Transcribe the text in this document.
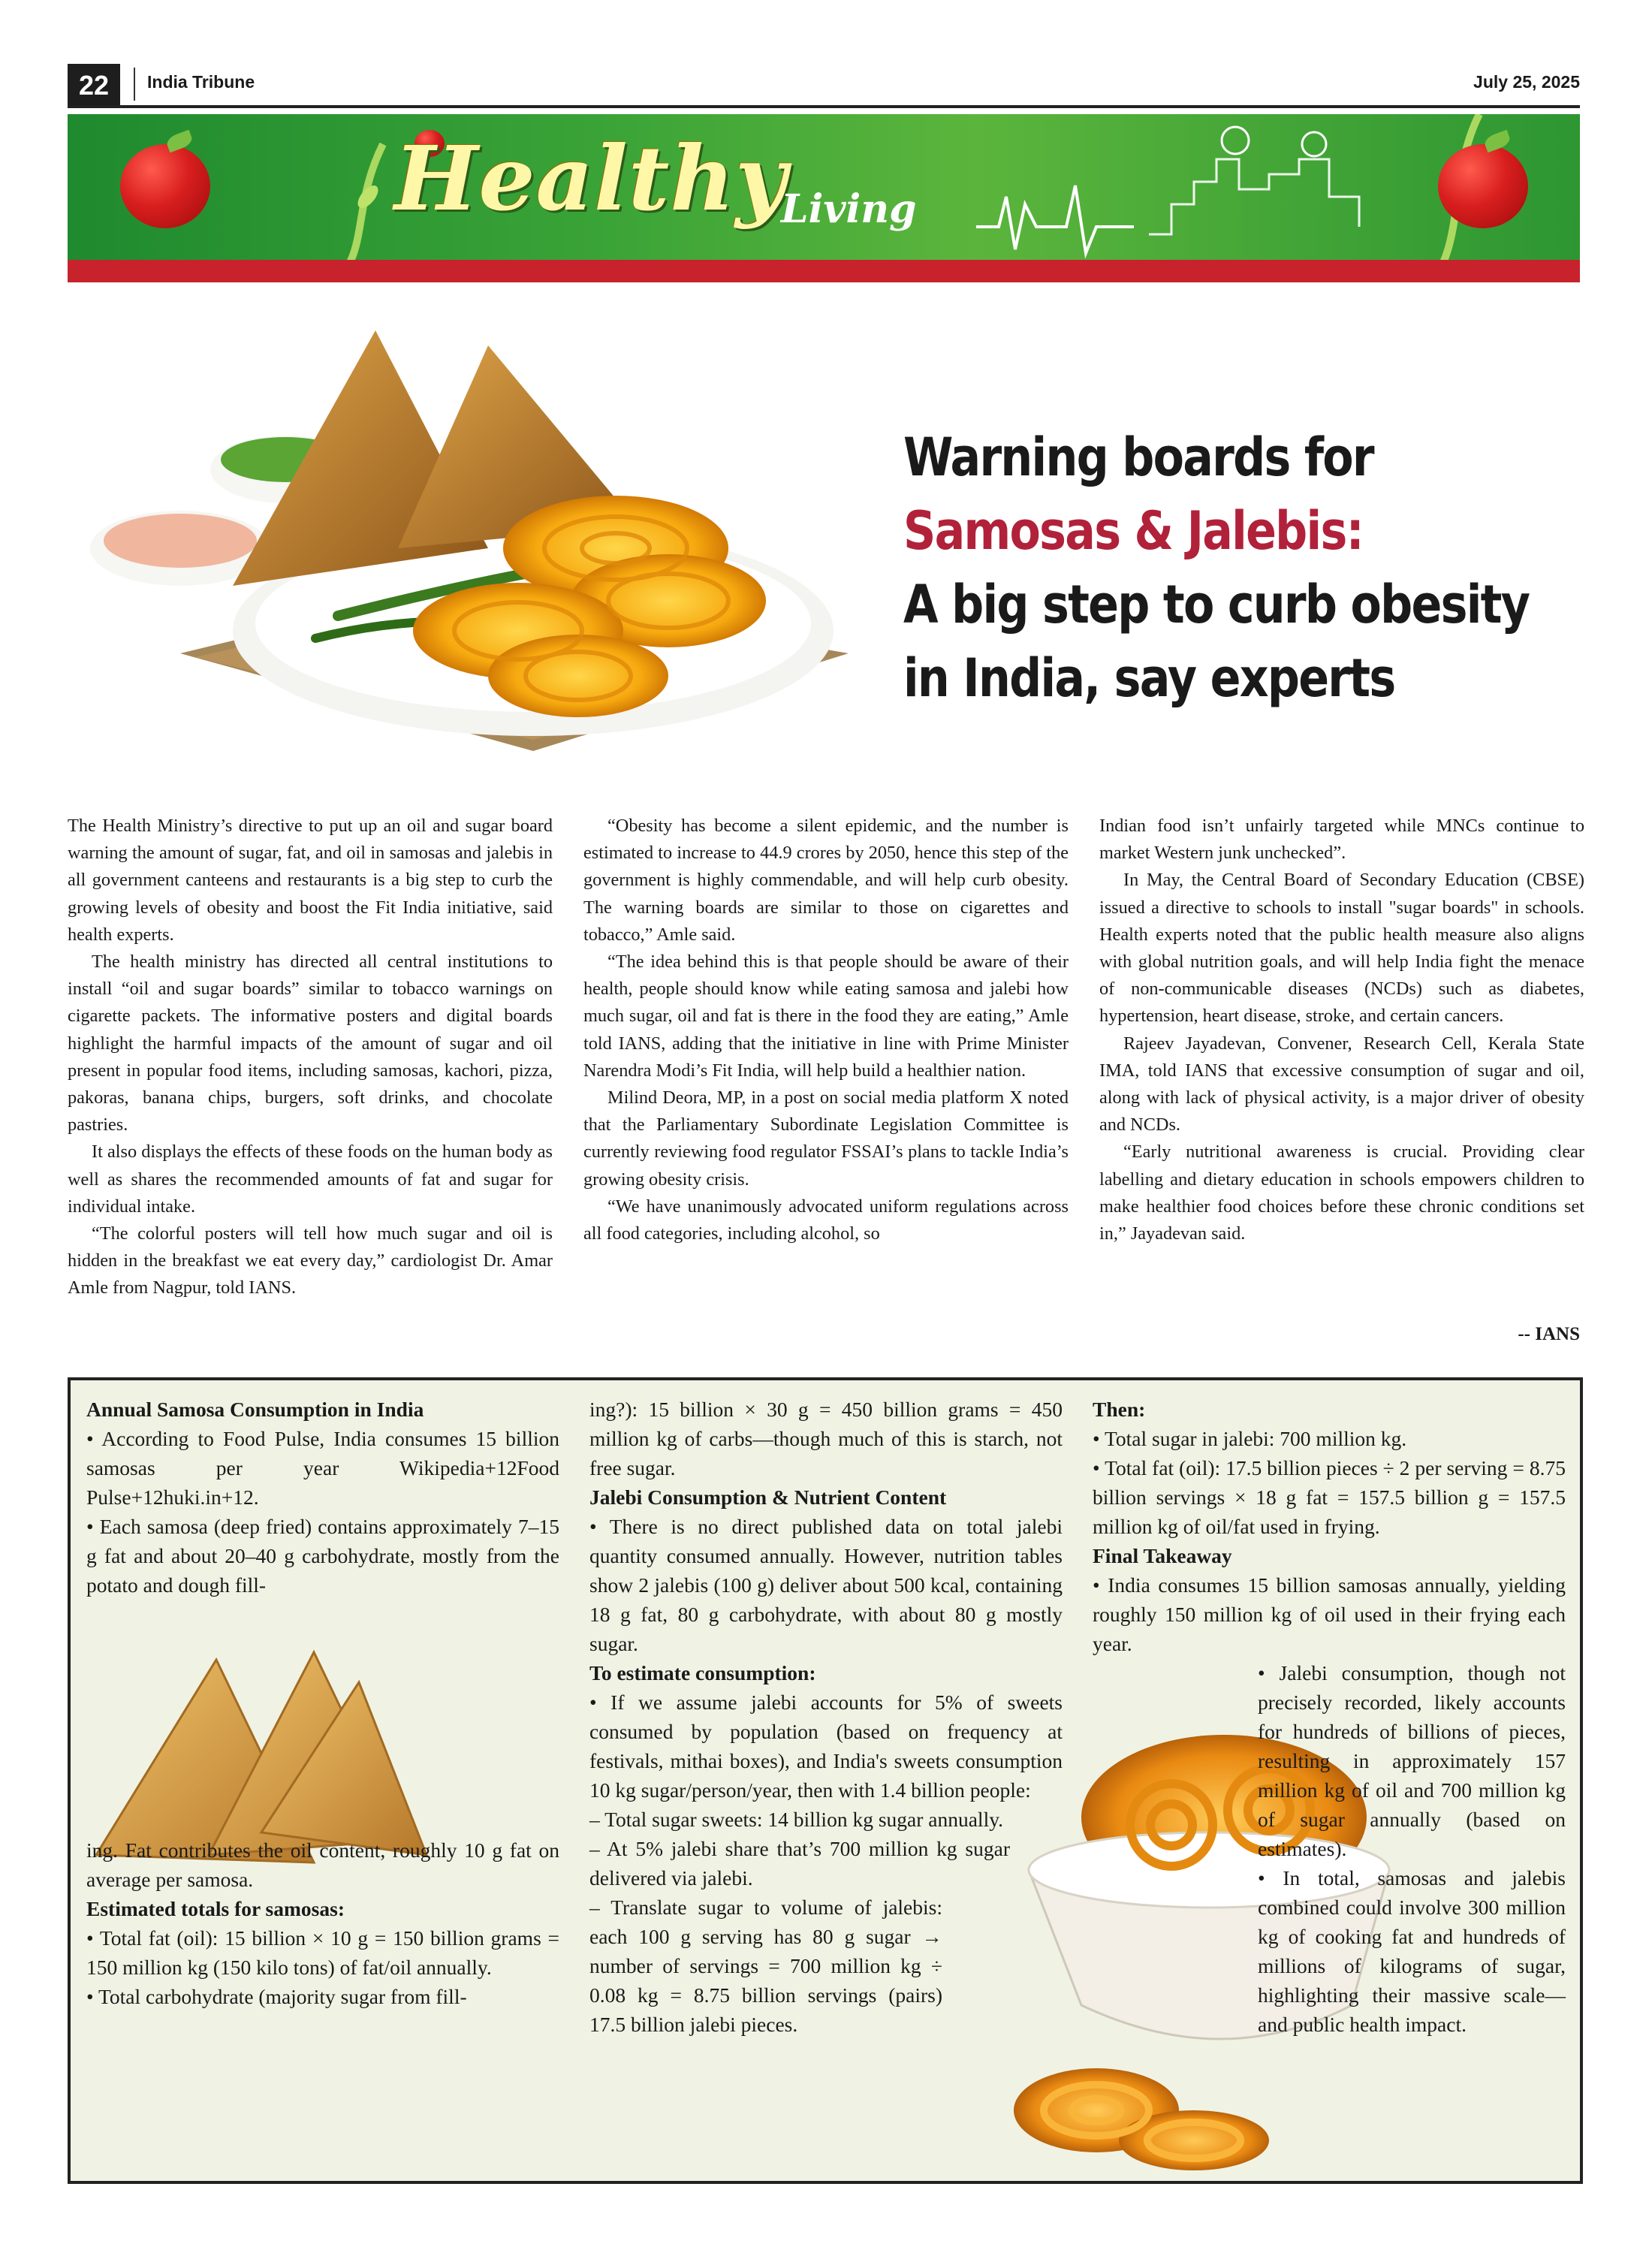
22	India Tribune	July 25, 2025
Healthy
Living
Warning boards for
Samosas & Jalebis:
A big step to curb obesity
in India, say experts

The Health Ministry’s directive to put up an oil and sugar board warning the amount of sugar, fat, and oil in samosas and jalebis in all government canteens and restaurants is a big step to curb the growing levels of obesity and boost the Fit India initiative, said health experts.

The health ministry has directed all central institutions to install “oil and sugar boards” similar to tobacco warnings on cigarette packets. The informative posters and digital boards highlight the harmful impacts of the amount of sugar and oil present in popular food items, including samosas, kachori, pizza, pakoras, banana chips, burgers, soft drinks, and chocolate pastries.

It also displays the effects of these foods on the human body as well as shares the recommended amounts of fat and sugar for individual intake.

“The colorful posters will tell how much sugar and oil is hidden in the breakfast we eat every day,” cardiologist Dr. Amar Amle from Nagpur, told IANS.

“Obesity has become a silent epidemic, and the number is estimated to increase to 44.9 crores by 2050, hence this step of the government is highly commendable, and will help curb obesity. The warning boards are similar to those on cigarettes and tobacco,” Amle said.

“The idea behind this is that people should be aware of their health, people should know while eating samosa and jalebi how much sugar, oil and fat is there in the food they are eating,” Amle told IANS, adding that the initiative in line with Prime Minister Narendra Modi’s Fit India, will help build a healthier nation.

Milind Deora, MP, in a post on social media platform X noted that the Parliamentary Subordinate Legislation Committee is currently reviewing food regulator FSSAI’s plans to tackle India’s growing obesity crisis.

“We have unanimously advocated uniform regulations across all food categories, including alcohol, so

Indian food isn’t unfairly targeted while MNCs continue to market Western junk unchecked”.

In May, the Central Board of Secondary Education (CBSE) issued a directive to schools to install "sugar boards" in schools. Health experts noted that the public health measure also aligns with global nutrition goals, and will help India fight the menace of non-communicable diseases (NCDs) such as diabetes, hypertension, heart disease, stroke, and certain cancers.

Rajeev Jayadevan, Convener, Research Cell, Kerala State IMA, told IANS that excessive consumption of sugar and oil, along with lack of physical activity, is a major driver of obesity and NCDs.

“Early nutritional awareness is crucial. Providing clear labelling and dietary education in schools empowers children to make healthier food choices before these chronic conditions set in,” Jayadevan said.

-- IANS

Annual Samosa Consumption in India

• According to Food Pulse, India consumes 15 billion samosas per year Wikipedia+12Food Pulse+12huki.in+12.

• Each samosa (deep fried) contains approximately 7–15 g fat and about 20–40 g carbohydrate, mostly from the potato and dough fill-

ing. Fat contributes the oil content, roughly 10 g fat on average per samosa.

Estimated totals for samosas:

• Total fat (oil): 15 billion × 10 g = 150 billion grams = 150 million kg (150 kilo tons) of fat/oil annually.

• Total carbohydrate (majority sugar from fill-

ing?): 15 billion × 30 g = 450 billion grams = 450 million kg of carbs—though much of this is starch, not free sugar.

Jalebi Consumption & Nutrient Content

• There is no direct published data on total jalebi quantity consumed annually. However, nutrition tables show 2 jalebis (100 g) deliver about 500 kcal, containing 18 g fat, 80 g carbohydrate, with about 80 g mostly sugar.

To estimate consumption:

• If we assume jalebi accounts for 5% of sweets consumed by population (based on frequency at festivals, mithai boxes), and India's sweets consumption 10 kg sugar/person/year, then with 1.4 billion people:

– Total sugar sweets: 14 billion kg sugar annually.

– At 5% jalebi share that’s 700 million kg sugar delivered via jalebi.

– Translate sugar to volume of jalebis: each 100 g serving has 80 g sugar → number of servings = 700 million kg ÷ 0.08 kg = 8.75 billion servings (pairs) 17.5 billion jalebi pieces.

Then:

• Total sugar in jalebi: 700 million kg.

• Total fat (oil): 17.5 billion pieces ÷ 2 per serving = 8.75 billion servings × 18 g fat = 157.5 billion g = 157.5 million kg of oil/fat used in frying.

Final Takeaway

• India consumes 15 billion samosas annually, yielding roughly 150 million kg of oil used in their frying each year.

• Jalebi consumption, though not precisely recorded, likely accounts for hundreds of billions of pieces, resulting in approximately 157 million kg of oil and 700 million kg of sugar annually (based on estimates).

• In total, samosas and jalebis combined could involve 300 million kg of cooking fat and hundreds of millions of kilograms of sugar, highlighting their massive scale—and public health impact.
